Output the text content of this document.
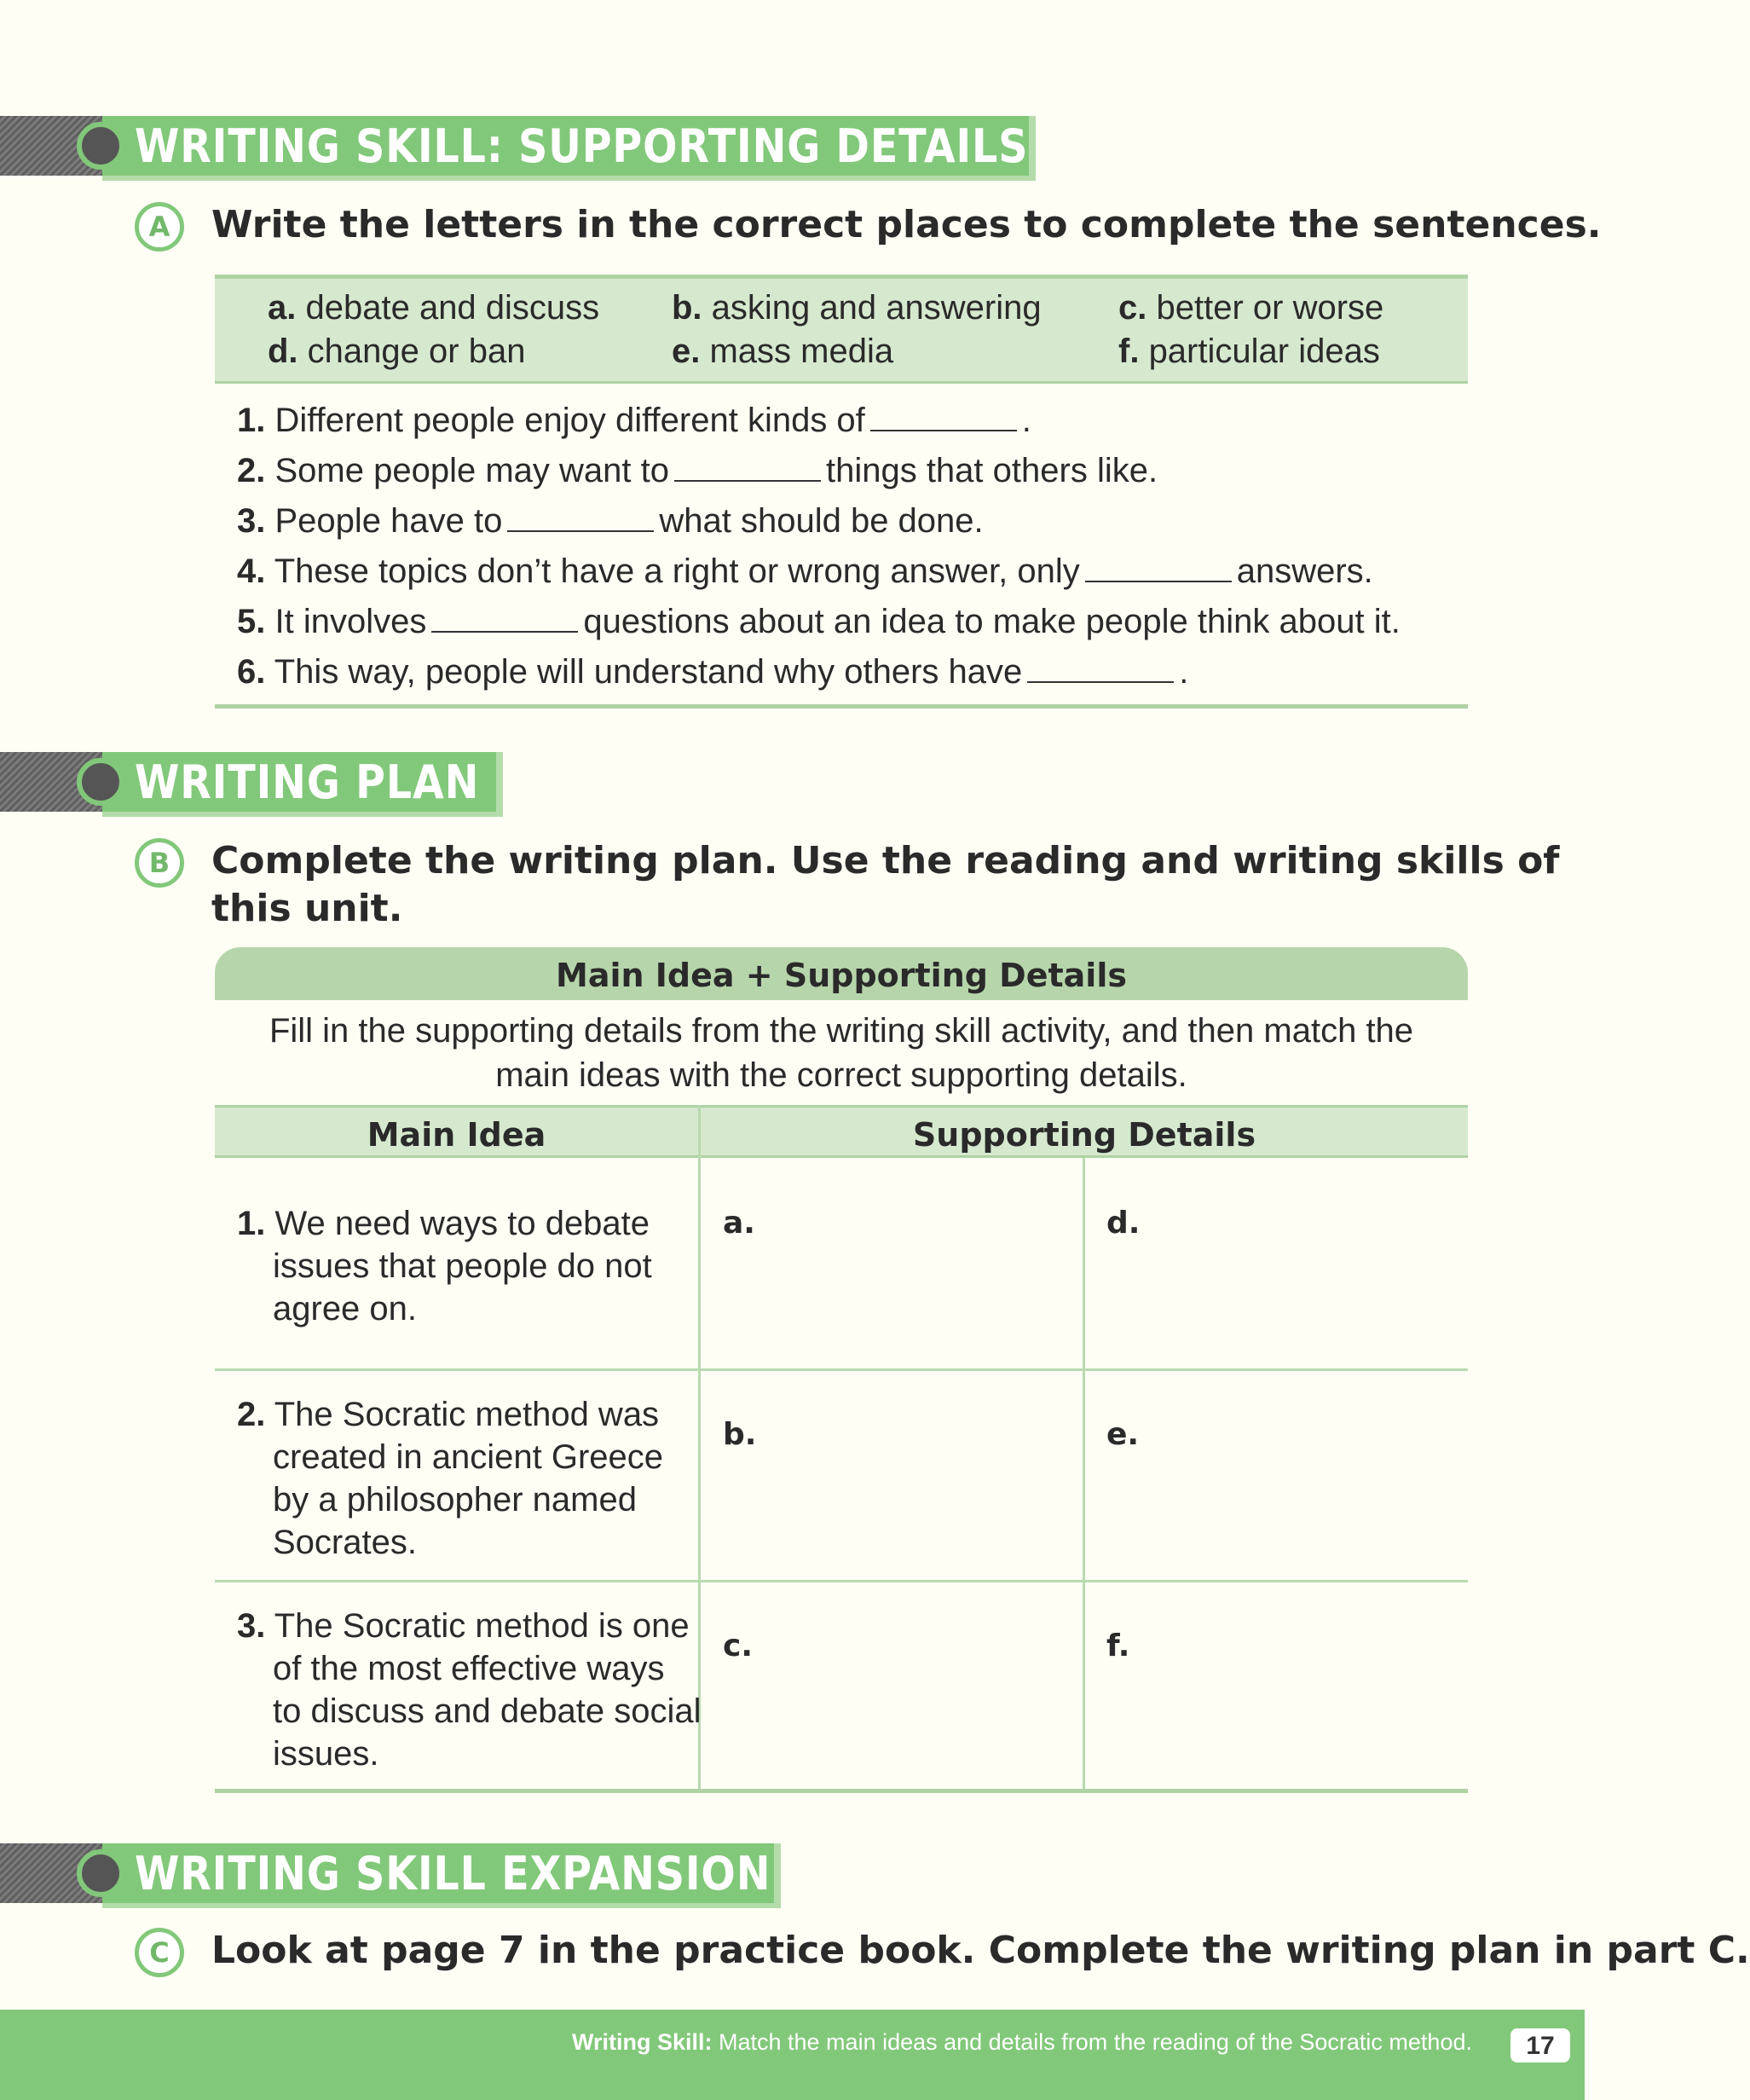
WRITING SKILL: SUPPORTING DETAILS
A	Write the letters in the correct places to complete the sentences.
a. debate and discuss b. asking and answering c. better or worse
d. change or ban	e. mass media	f. particular ideas
1. Different people enjoy different kinds of	.
2. Some people may want to	things that others like.
3. People have to	what should be done.
4. These topics don’t have a right or wrong answer, only	answers.
5. It involves	questions about an idea to make people think about it.
6. This way, people will understand why others have	.
WRITING PLAN
B	Complete the writing plan. Use the reading and writing skills of
this unit.
Main Idea + Supporting Details
Fill in the supporting details from the writing skill activity, and then match the
main ideas with the correct supporting details.
Main Idea	Supporting Details
1. We need ways to debate issues that people do not agree on.
a.	d.
2. The Socratic method was created in ancient Greece by a philosopher named Socrates.
b.	e.
3. The Socratic method is one of the most effective ways to discuss and debate social issues.
c.	f.
WRITING SKILL EXPANSION
C	Look at page 7 in the practice book. Complete the writing plan in part C.
Writing Skill: Match the main ideas and details from the reading of the Socratic method.	17
